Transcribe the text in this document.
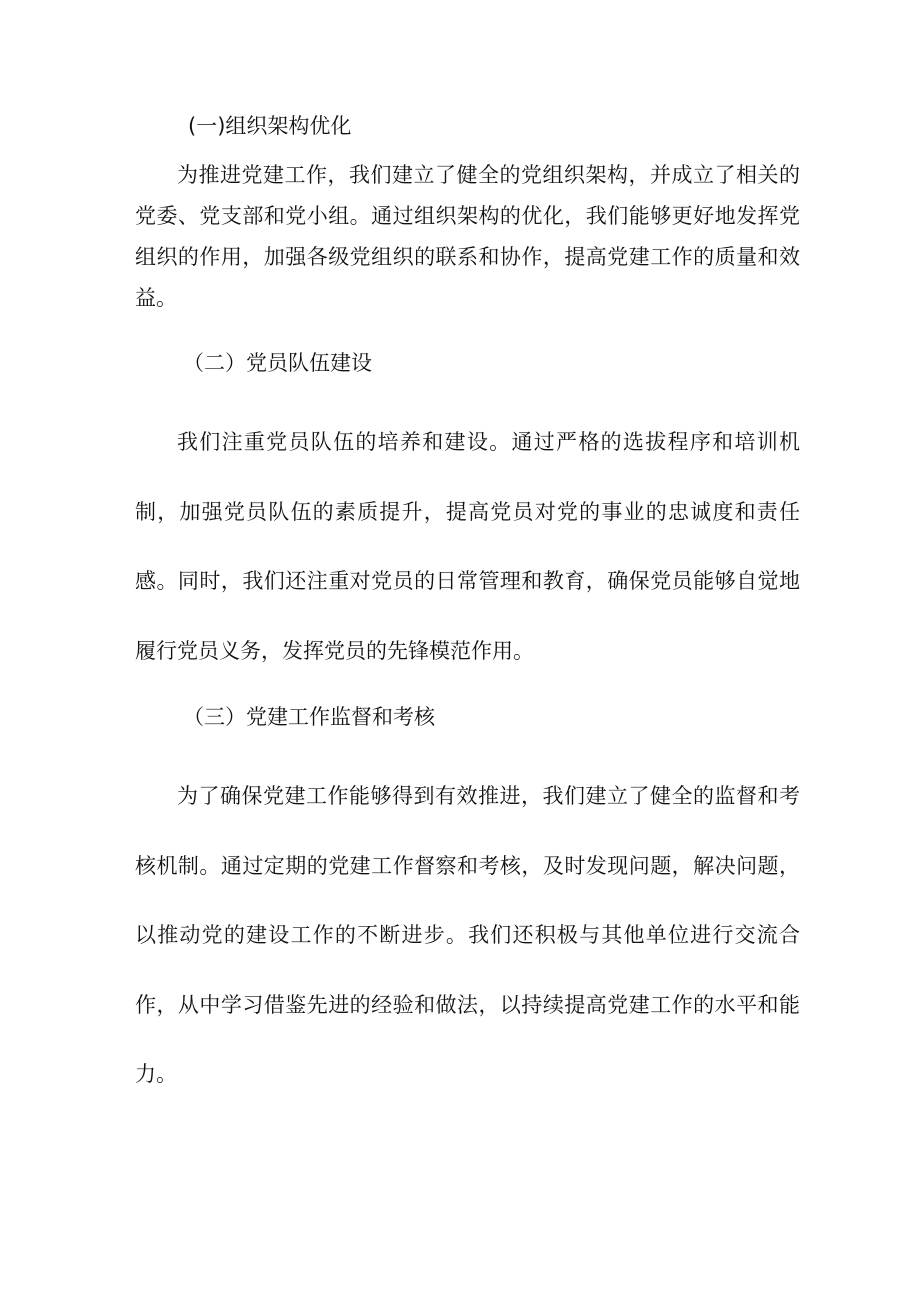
(一)组织架构优化

为推进党建工作，我们建立了健全的党组织架构，并成立了相关的党委、党支部和党小组。通过组织架构的优化，我们能够更好地发挥党组织的作用，加强各级党组织的联系和协作，提高党建工作的质量和效益。

（二）党员队伍建设

我们注重党员队伍的培养和建设。通过严格的选拔程序和培训机制，加强党员队伍的素质提升，提高党员对党的事业的忠诚度和责任感。同时，我们还注重对党员的日常管理和教育，确保党员能够自觉地履行党员义务，发挥党员的先锋模范作用。

（三）党建工作监督和考核

为了确保党建工作能够得到有效推进，我们建立了健全的监督和考核机制。通过定期的党建工作督察和考核，及时发现问题，解决问题，以推动党的建设工作的不断进步。我们还积极与其他单位进行交流合作，从中学习借鉴先进的经验和做法，以持续提高党建工作的水平和能力。
